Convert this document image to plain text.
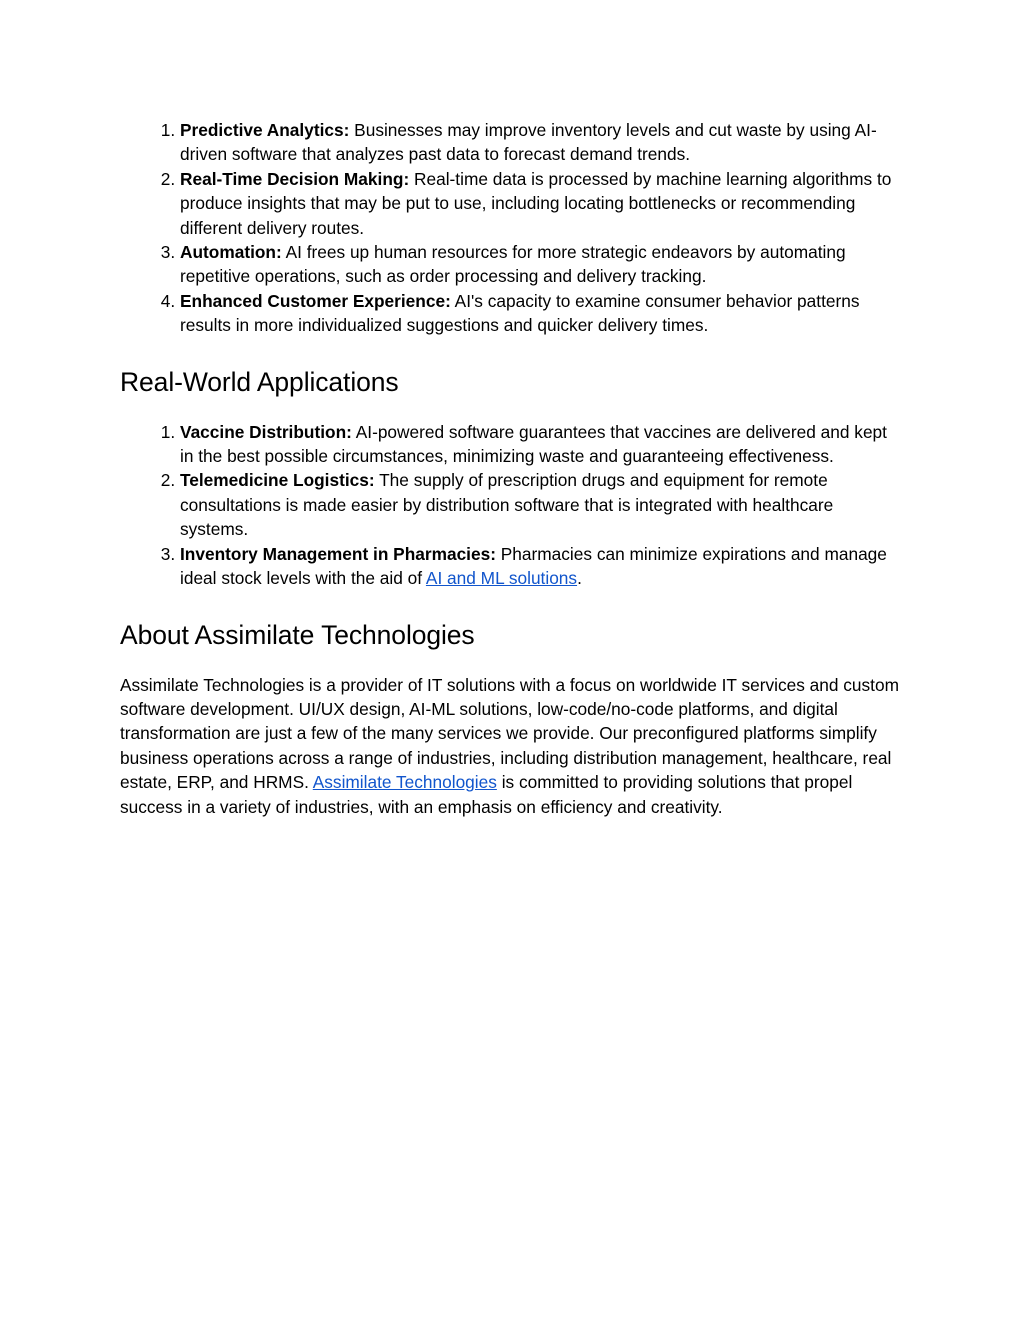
1. Predictive Analytics: Businesses may improve inventory levels and cut waste by using AI-driven software that analyzes past data to forecast demand trends.
2. Real-Time Decision Making: Real-time data is processed by machine learning algorithms to produce insights that may be put to use, including locating bottlenecks or recommending different delivery routes.
3. Automation: AI frees up human resources for more strategic endeavors by automating repetitive operations, such as order processing and delivery tracking.
4. Enhanced Customer Experience: AI's capacity to examine consumer behavior patterns results in more individualized suggestions and quicker delivery times.
Real-World Applications
1. Vaccine Distribution: AI-powered software guarantees that vaccines are delivered and kept in the best possible circumstances, minimizing waste and guaranteeing effectiveness.
2. Telemedicine Logistics: The supply of prescription drugs and equipment for remote consultations is made easier by distribution software that is integrated with healthcare systems.
3. Inventory Management in Pharmacies: Pharmacies can minimize expirations and manage ideal stock levels with the aid of AI and ML solutions.
About Assimilate Technologies

Assimilate Technologies is a provider of IT solutions with a focus on worldwide IT services and custom software development. UI/UX design, AI-ML solutions, low-code/no-code platforms, and digital transformation are just a few of the many services we provide. Our preconfigured platforms simplify business operations across a range of industries, including distribution management, healthcare, real estate, ERP, and HRMS. Assimilate Technologies is committed to providing solutions that propel success in a variety of industries, with an emphasis on efficiency and creativity.
